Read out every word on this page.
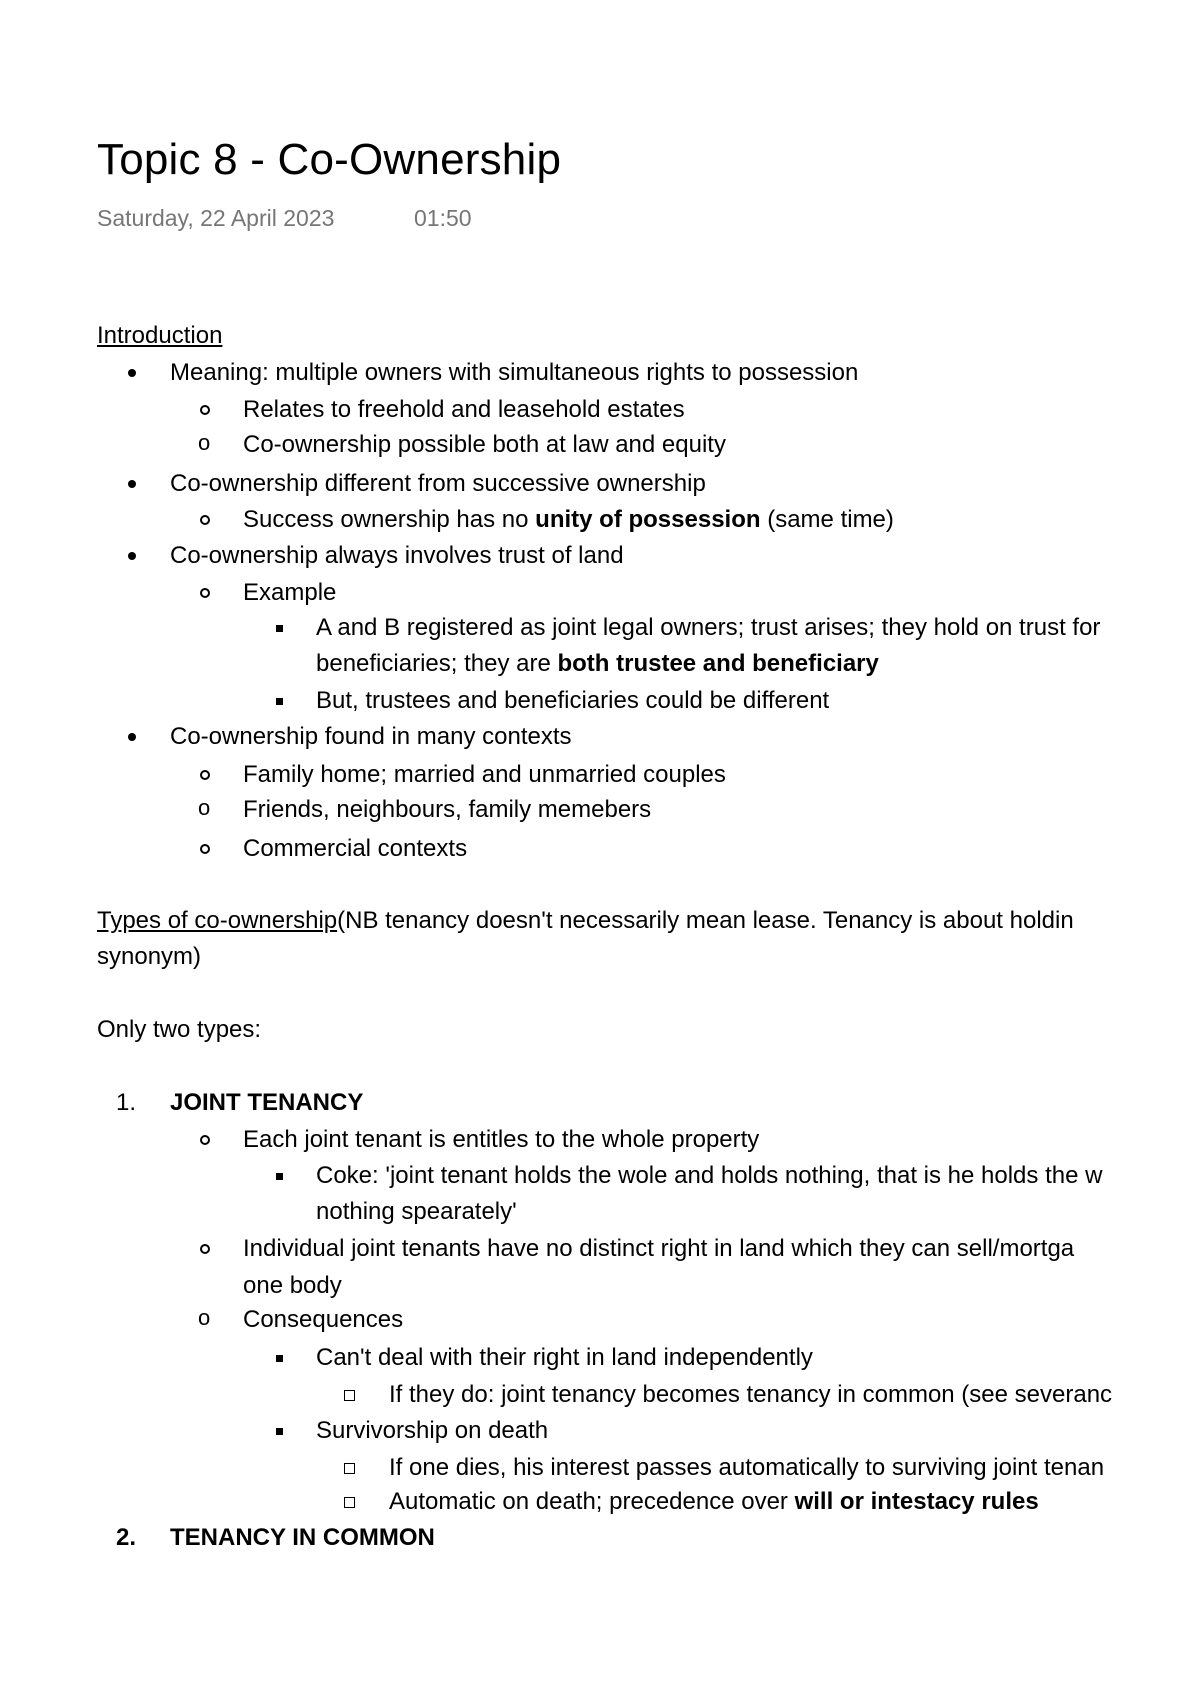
Topic 8 - Co-Ownership
Saturday, 22 April 2023	01:50
Introduction
Meaning: multiple owners with simultaneous rights to possession
Relates to freehold and leasehold estates
o Co-ownership possible both at law and equity
Co-ownership different from successive ownership
Success ownership has no unity of possession (same time)
Co-ownership always involves trust of land
Example
A and B registered as joint legal owners; trust arises; they hold on trust for
beneficiaries; they are both trustee and beneficiary
But, trustees and beneficiaries could be different
Co-ownership found in many contexts
Family home; married and unmarried couples
o Friends, neighbours, family memebers
Commercial contexts
Types of co-ownership (NB tenancy doesn't necessarily mean lease. Tenancy is about holdin
synonym)
Only two types:
1. JOINT TENANCY
Each joint tenant is entitles to the whole property
Coke: 'joint tenant holds the wole and holds nothing, that is he holds the w
nothing spearately'
Individual joint tenants have no distinct right in land which they can sell/mortga
one body
o Consequences
Can't deal with their right in land independently
If they do: joint tenancy becomes tenancy in common (see severanc
Survivorship on death
If one dies, his interest passes automatically to surviving joint tenan
Automatic on death; precedence over will or intestacy rules
2. TENANCY IN COMMON
